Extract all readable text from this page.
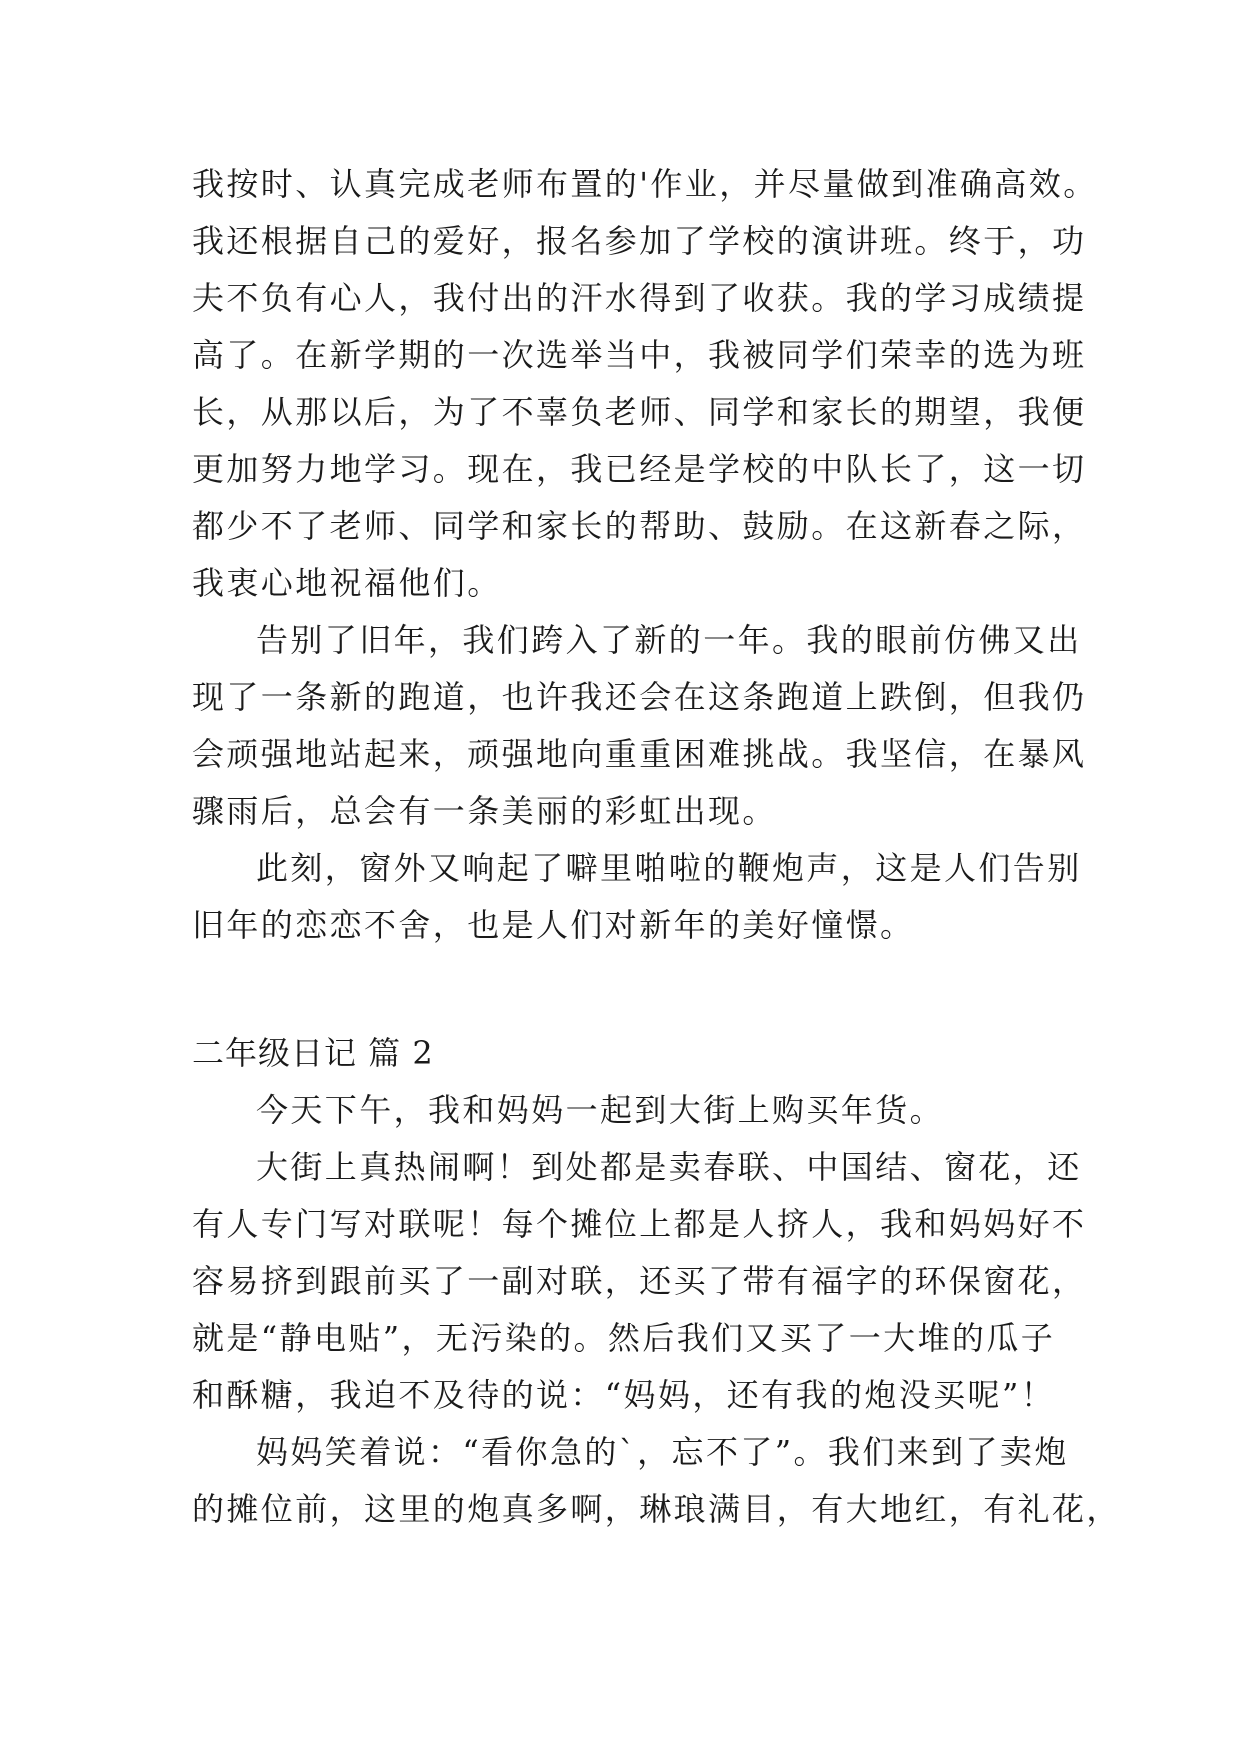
我按时、认真完成老师布置的'作业，并尽量做到准确高效。
我还根据自己的爱好，报名参加了学校的演讲班。终于，功
夫不负有心人，我付出的汗水得到了收获。我的学习成绩提
高了。在新学期的一次选举当中，我被同学们荣幸的选为班
长，从那以后，为了不辜负老师、同学和家长的期望，我便
更加努力地学习。现在，我已经是学校的中队长了，这一切
都少不了老师、同学和家长的帮助、鼓励。在这新春之际，
我衷心地祝福他们。
告别了旧年，我们跨入了新的一年。我的眼前仿佛又出
现了一条新的跑道，也许我还会在这条跑道上跌倒，但我仍
会顽强地站起来，顽强地向重重困难挑战。我坚信，在暴风
骤雨后，总会有一条美丽的彩虹出现。
此刻，窗外又响起了噼里啪啦的鞭炮声，这是人们告别
旧年的恋恋不舍，也是人们对新年的美好憧憬。
二年级日记 篇 2
今天下午，我和妈妈一起到大街上购买年货。
大街上真热闹啊！到处都是卖春联、中国结、窗花，还
有人专门写对联呢！每个摊位上都是人挤人，我和妈妈好不
容易挤到跟前买了一副对联，还买了带有福字的环保窗花，
就是“静电贴”，无污染的。然后我们又买了一大堆的瓜子
和酥糖，我迫不及待的说：“妈妈，还有我的炮没买呢”！
妈妈笑着说：“看你急的`，忘不了”。我们来到了卖炮
的摊位前，这里的炮真多啊，琳琅满目，有大地红，有礼花，
